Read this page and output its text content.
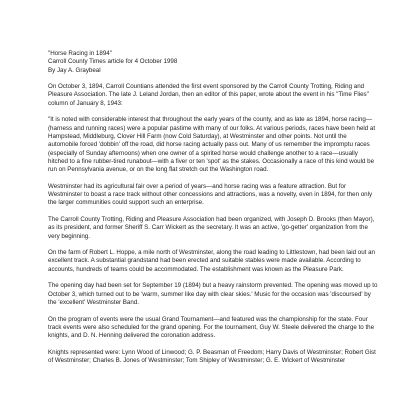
"Horse Racing in 1894"
Carroll County Times article for 4 October 1998
By Jay A. Graybeal

On October 3, 1894, Carroll Countians attended the first event sponsored by the Carroll County Trotting, Riding and Pleasure Association. The late J. Leland Jordan, then an editor of this paper, wrote about the event in his "Time Flies" column of January 8, 1943:

"It is noted with considerable interest that throughout the early years of the county, and as late as 1894, horse racing—(harness and running races) were a popular pastime with many of our folks. At various periods, races have been held at Hampstead, Middleburg, Clover Hill Farm (now Cold Saturday), at Westminster and other points. Not until the automobile forced 'dobbin' off the road, did horse racing actually pass out. Many of us remember the impromptu races (especially of Sunday afternoons) when one owner of a spirited horse would challenge another to a race—usually hitched to a fine rubber-tired runabout—with a fiver or ten 'spot' as the stakes. Occasionally a race of this kind would be run on Pennsylvania avenue, or on the long flat stretch out the Washington road.

Westminster had its agricultural fair over a period of years—and horse racing was a feature attraction. But for Westminster to boast a race track without other concessions and attractions, was a novelty, even in 1894, for then only the larger communities could support such an enterprise.

The Carroll County Trotting, Riding and Pleasure Association had been organized, with Joseph D. Brooks (then Mayor), as its president, and former Sheriff S. Carr Wickert as the secretary. It was an active, 'go-getter' organization from the very beginning.

On the farm of Robert L. Hoppe, a mile north of Westminster, along the road leading to Littlestown, had been laid out an excellent track. A substantial grandstand had been erected and suitable stables were made available. According to accounts, hundreds of teams could be accommodated. The establishment was known as the Pleasure Park.

The opening day had been set for September 19 (1894) but a heavy rainstorm prevented. The opening was moved up to October 3, which turned out to be 'warm, summer like day with clear skies.' Music for the occasion was 'discoursed' by the 'excellent' Westminster Band.

On the program of events were the usual Grand Tournament—and featured was the championship for the state. Four track events were also scheduled for the grand opening. For the tournament, Guy W. Steele delivered the charge to the knights, and D. N. Henning delivered the coronation address.

Knights represented were: Lynn Wood of Linwood; G. P. Beasman of Freedom; Harry Davis of Westminster; Robert Gist of Westminster; Charles B. Jones of Westminster; Tom Shipley of Westminster; G. E. Wickert of Westminster
